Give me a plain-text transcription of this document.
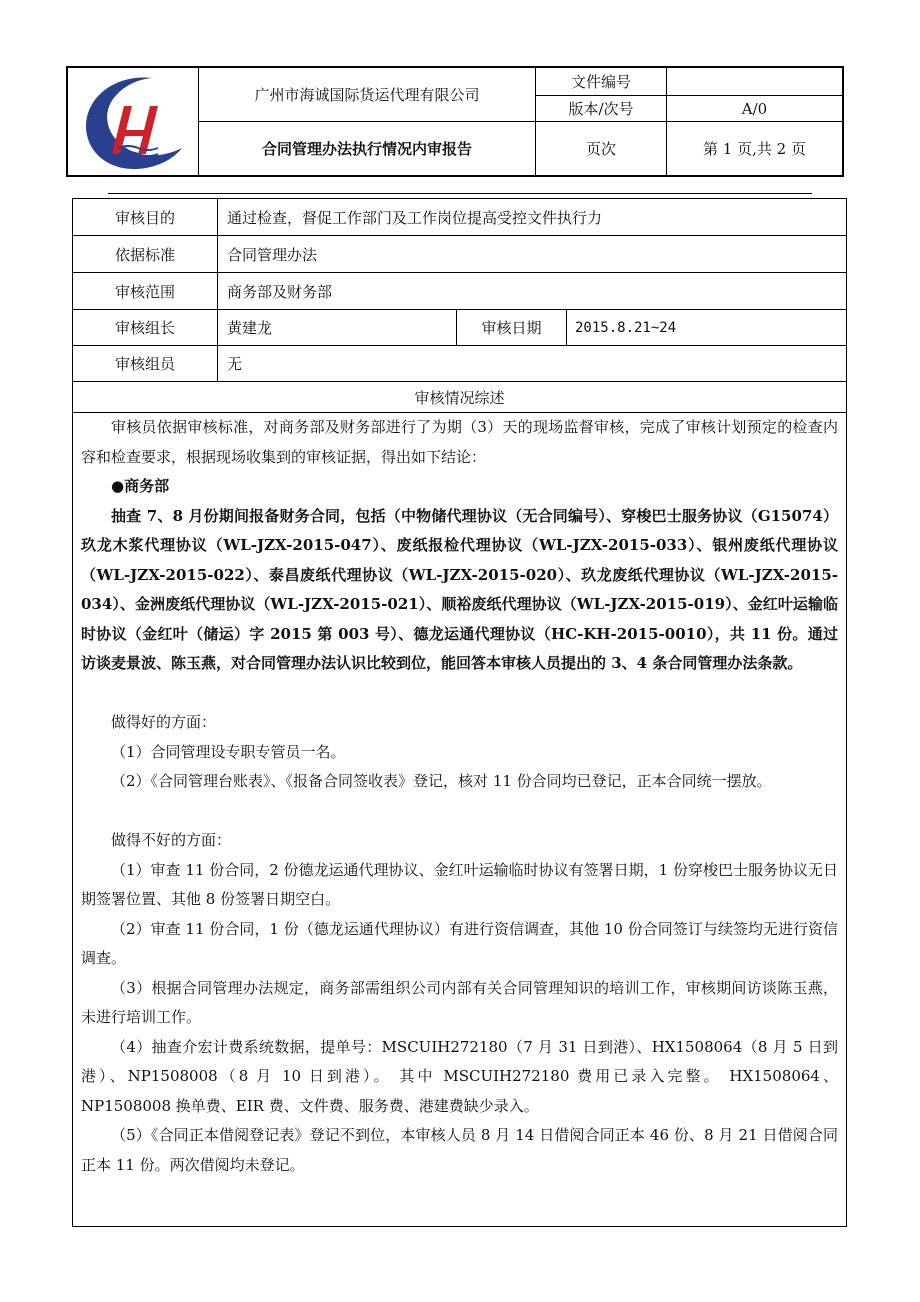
广州市海诚国际货运代理有限公司
合同管理办法执行情况内审报告
文件编号
版本/次号	A/0
页次	第 1 页,共 2 页
审核目的	通过检查，督促工作部门及工作岗位提高受控文件执行力
依据标准	合同管理办法
审核范围	商务部及财务部
审核组长	黄建龙	审核日期	2015.8.21~24
审核组员	无
审核情况综述

审核员依据审核标准，对商务部及财务部进行了为期（3）天的现场监督审核，完成了审核计划预定的检查内容和检查要求，根据现场收集到的审核证据，得出如下结论：

●商务部

抽查 7、8 月份期间报备财务合同，包括（中物储代理协议（无合同编号）、穿梭巴士服务协议（G15074）玖龙木浆代理协议（WL-JZX-2015-047）、废纸报检代理协议（WL-JZX-2015-033）、银州废纸代理协议（WL-JZX-2015-022）、泰昌废纸代理协议（WL-JZX-2015-020）、玖龙废纸代理协议（WL-JZX-2015-034）、金洲废纸代理协议（WL-JZX-2015-021）、顺裕废纸代理协议（WL-JZX-2015-019）、金红叶运输临时协议（金红叶（储运）字 2015 第 003 号）、德龙运通代理协议（HC-KH-2015-0010），共 11 份。通过访谈麦景波、陈玉燕，对合同管理办法认识比较到位，能回答本审核人员提出的 3、4 条合同管理办法条款。

做得好的方面：

（1）合同管理设专职专管员一名。

（2）《合同管理台账表》、《报备合同签收表》登记，核对 11 份合同均已登记，正本合同统一摆放。

做得不好的方面：

（1）审查 11 份合同，2 份德龙运通代理协议、金红叶运输临时协议有签署日期，1 份穿梭巴士服务协议无日期签署位置、其他 8 份签署日期空白。

（2）审查 11 份合同，1 份（德龙运通代理协议）有进行资信调查，其他 10 份合同签订与续签均无进行资信调查。

（3）根据合同管理办法规定，商务部需组织公司内部有关合同管理知识的培训工作，审核期间访谈陈玉燕，未进行培训工作。

（4）抽查介宏计费系统数据，提单号：MSCUIH272180（7 月 31 日到港）、HX1508064（8 月 5 日到港）、NP1508008（8 月 10 日到港）。 其中 MSCUIH272180 费用已录入完整。 HX1508064、NP1508008 换单费、EIR 费、文件费、服务费、港建费缺少录入。

（5）《合同正本借阅登记表》登记不到位，本审核人员 8 月 14 日借阅合同正本 46 份、8 月 21 日借阅合同正本 11 份。两次借阅均未登记。
